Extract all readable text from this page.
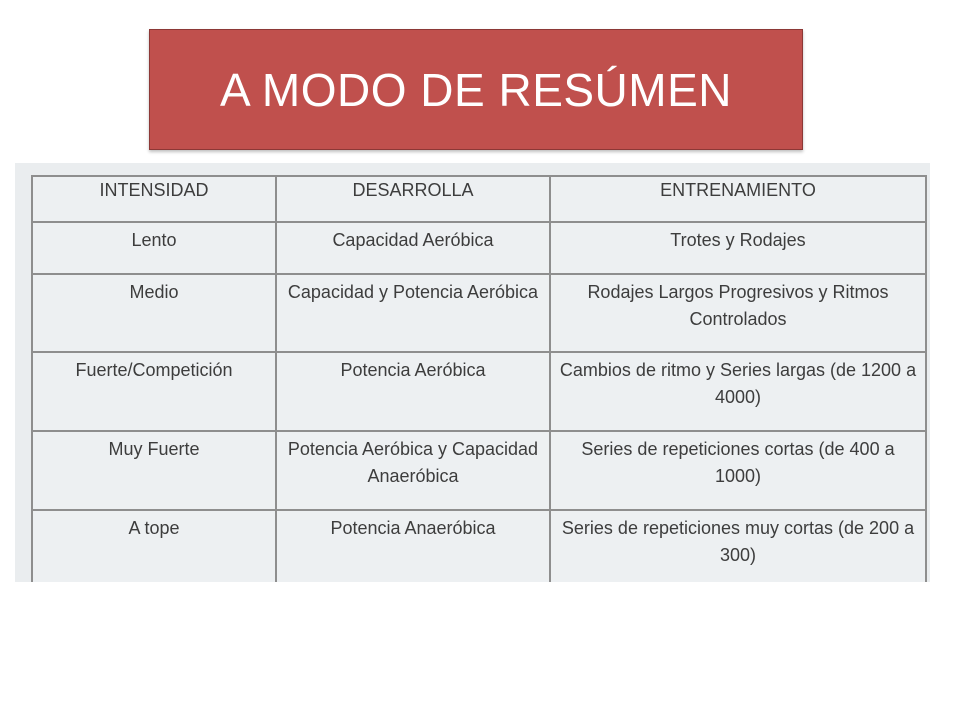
A MODO DE RESÚMEN
INTENSIDAD	DESARROLLA	ENTRENAMIENTO
Lento	Capacidad Aeróbica	Trotes y Rodajes
Medio	Capacidad y Potencia Aeróbica	Rodajes Largos Progresivos y Ritmos Controlados
Fuerte/Competición	Potencia Aeróbica	Cambios de ritmo y Series largas (de 1200 a 4000)
Muy Fuerte	Potencia Aeróbica y Capacidad Anaeróbica	Series de repeticiones cortas (de 400 a 1000)
A tope	Potencia Anaeróbica	Series de repeticiones muy cortas (de 200 a 300)
